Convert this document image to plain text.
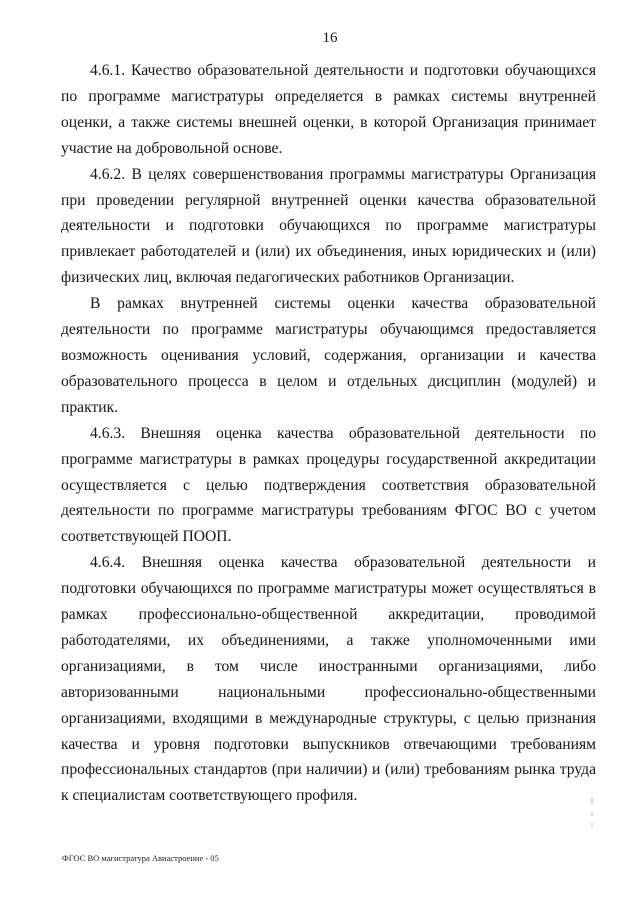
16

4.6.1. Качество образовательной деятельности и подготовки обучающихся по программе магистратуры определяется в рамках системы внутренней оценки, а также системы внешней оценки, в которой Организация принимает участие на добровольной основе.

4.6.2. В целях совершенствования программы магистратуры Организация при проведении регулярной внутренней оценки качества образовательной деятельности и подготовки обучающихся по программе магистратуры привлекает работодателей и (или) их объединения, иных юридических и (или) физических лиц, включая педагогических работников Организации.

В рамках внутренней системы оценки качества образовательной деятельности по программе магистратуры обучающимся предоставляется возможность оценивания условий, содержания, организации и качества образовательного процесса в целом и отдельных дисциплин (модулей) и практик.

4.6.3. Внешняя оценка качества образовательной деятельности по программе магистратуры в рамках процедуры государственной аккредитации осуществляется с целью подтверждения соответствия образовательной деятельности по программе магистратуры требованиям ФГОС ВО с учетом соответствующей ПООП.

4.6.4. Внешняя оценка качества образовательной деятельности и подготовки обучающихся по программе магистратуры может осуществляться в рамках профессионально-общественной аккредитации, проводимой работодателями, их объединениями, а также уполномоченными ими организациями, в том числе иностранными организациями, либо авторизованными национальными профессионально-общественными организациями, входящими в международные структуры, с целью признания качества и уровня подготовки выпускников отвечающими требованиям профессиональных стандартов (при наличии) и (или) требованиям рынка труда к специалистам соответствующего профиля.

ФГОС ВО магистратура Авиастроение - 05
